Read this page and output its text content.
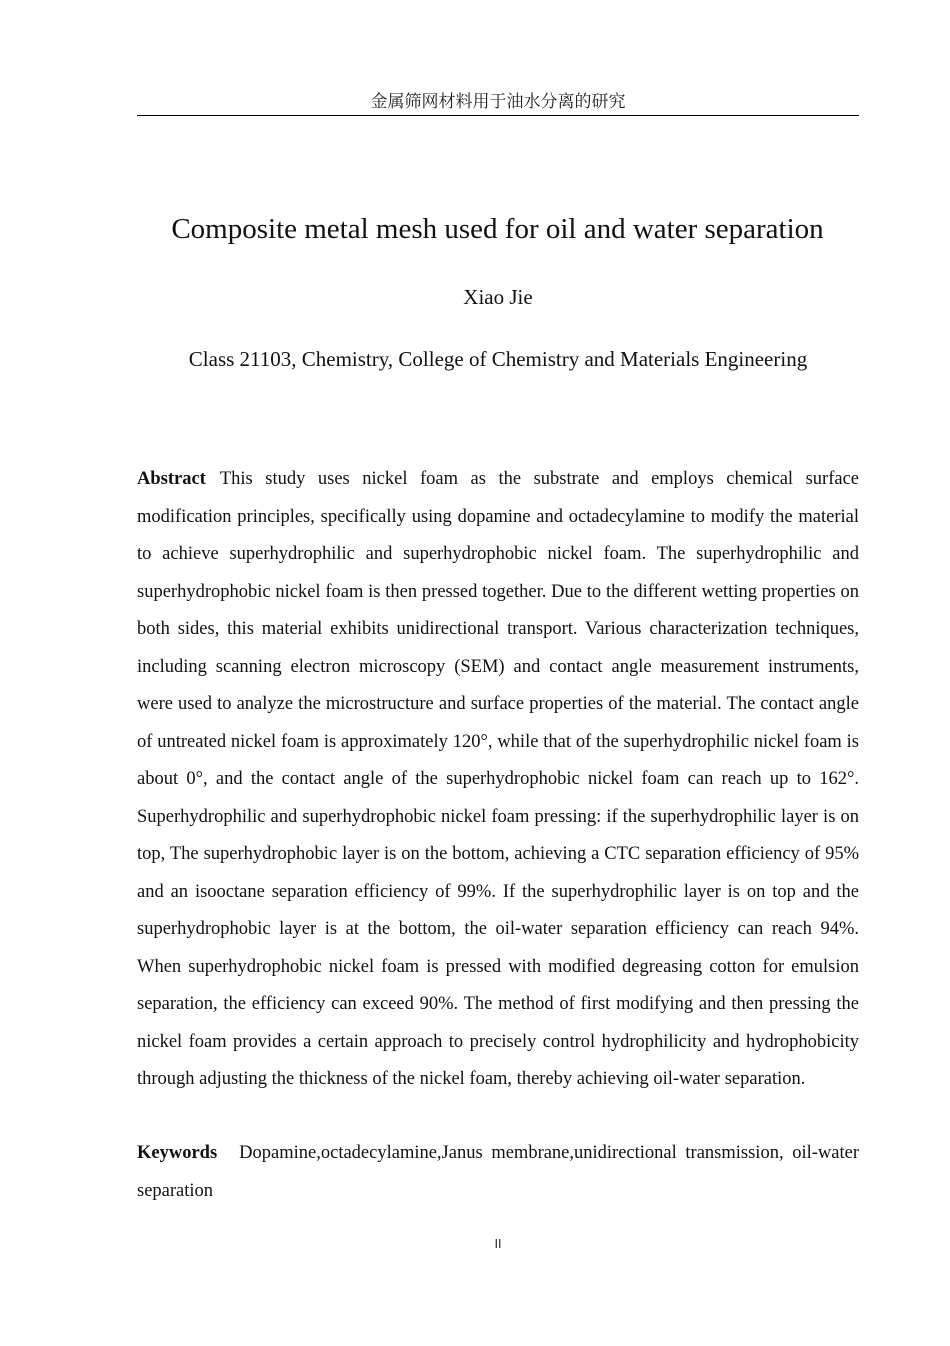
金属筛网材料用于油水分离的研究
Composite metal mesh used for oil and water separation
Xiao Jie
Class 21103, Chemistry, College of Chemistry and Materials Engineering

Abstract This study uses nickel foam as the substrate and employs chemical surface modification principles, specifically using dopamine and octadecylamine to modify the material to achieve superhydrophilic and superhydrophobic nickel foam. The superhydrophilic and superhydrophobic nickel foam is then pressed together. Due to the different wetting properties on both sides, this material exhibits unidirectional transport. Various characterization techniques, including scanning electron microscopy (SEM) and contact angle measurement instruments, were used to analyze the microstructure and surface properties of the material. The contact angle of untreated nickel foam is approximately 120°, while that of the superhydrophilic nickel foam is about 0°, and the contact angle of the superhydrophobic nickel foam can reach up to 162°. Superhydrophilic and superhydrophobic nickel foam pressing: if the superhydrophilic layer is on top, The superhydrophobic layer is on the bottom, achieving a CTC separation efficiency of 95% and an isooctane separation efficiency of 99%. If the superhydrophilic layer is on top and the superhydrophobic layer is at the bottom, the oil-water separation efficiency can reach 94%. When superhydrophobic nickel foam is pressed with modified degreasing cotton for emulsion separation, the efficiency can exceed 90%. The method of first modifying and then pressing the nickel foam provides a certain approach to precisely control hydrophilicity and hydrophobicity through adjusting the thickness of the nickel foam, thereby achieving oil-water separation.

Keywords Dopamine,octadecylamine,Janus membrane,unidirectional transmission, oil-water separation

II
